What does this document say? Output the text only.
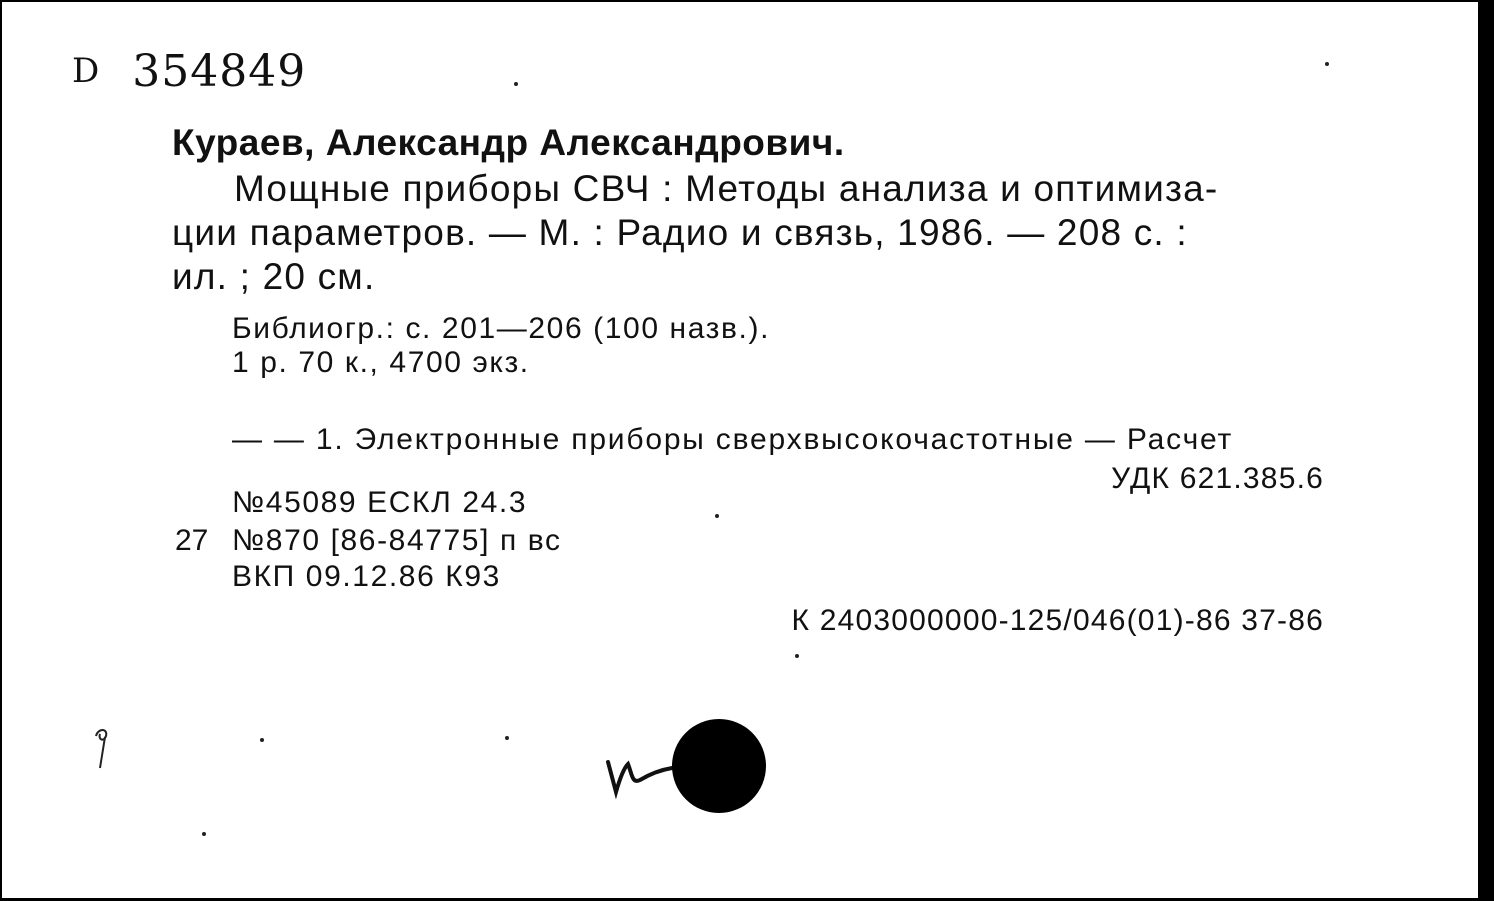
D 354849
Кураев, Александр Александрович.
Мощные приборы СВЧ : Методы анализа и оптимиза-
ции параметров. — М. : Радио и связь, 1986. — 208 с. :
ил. ; 20 см.
Библиогр.: с. 201—206 (100 назв.).
1 р. 70 к., 4700 экз.
— — 1. Электронные приборы сверхвысокочастотные — Расчет
УДК 621.385.6
№45089 ЕСКЛ 24.3
27 №870 [86-84775] п вс
ВКП 09.12.86 К93
К 2403000000-125/046(01)-86 37-86
